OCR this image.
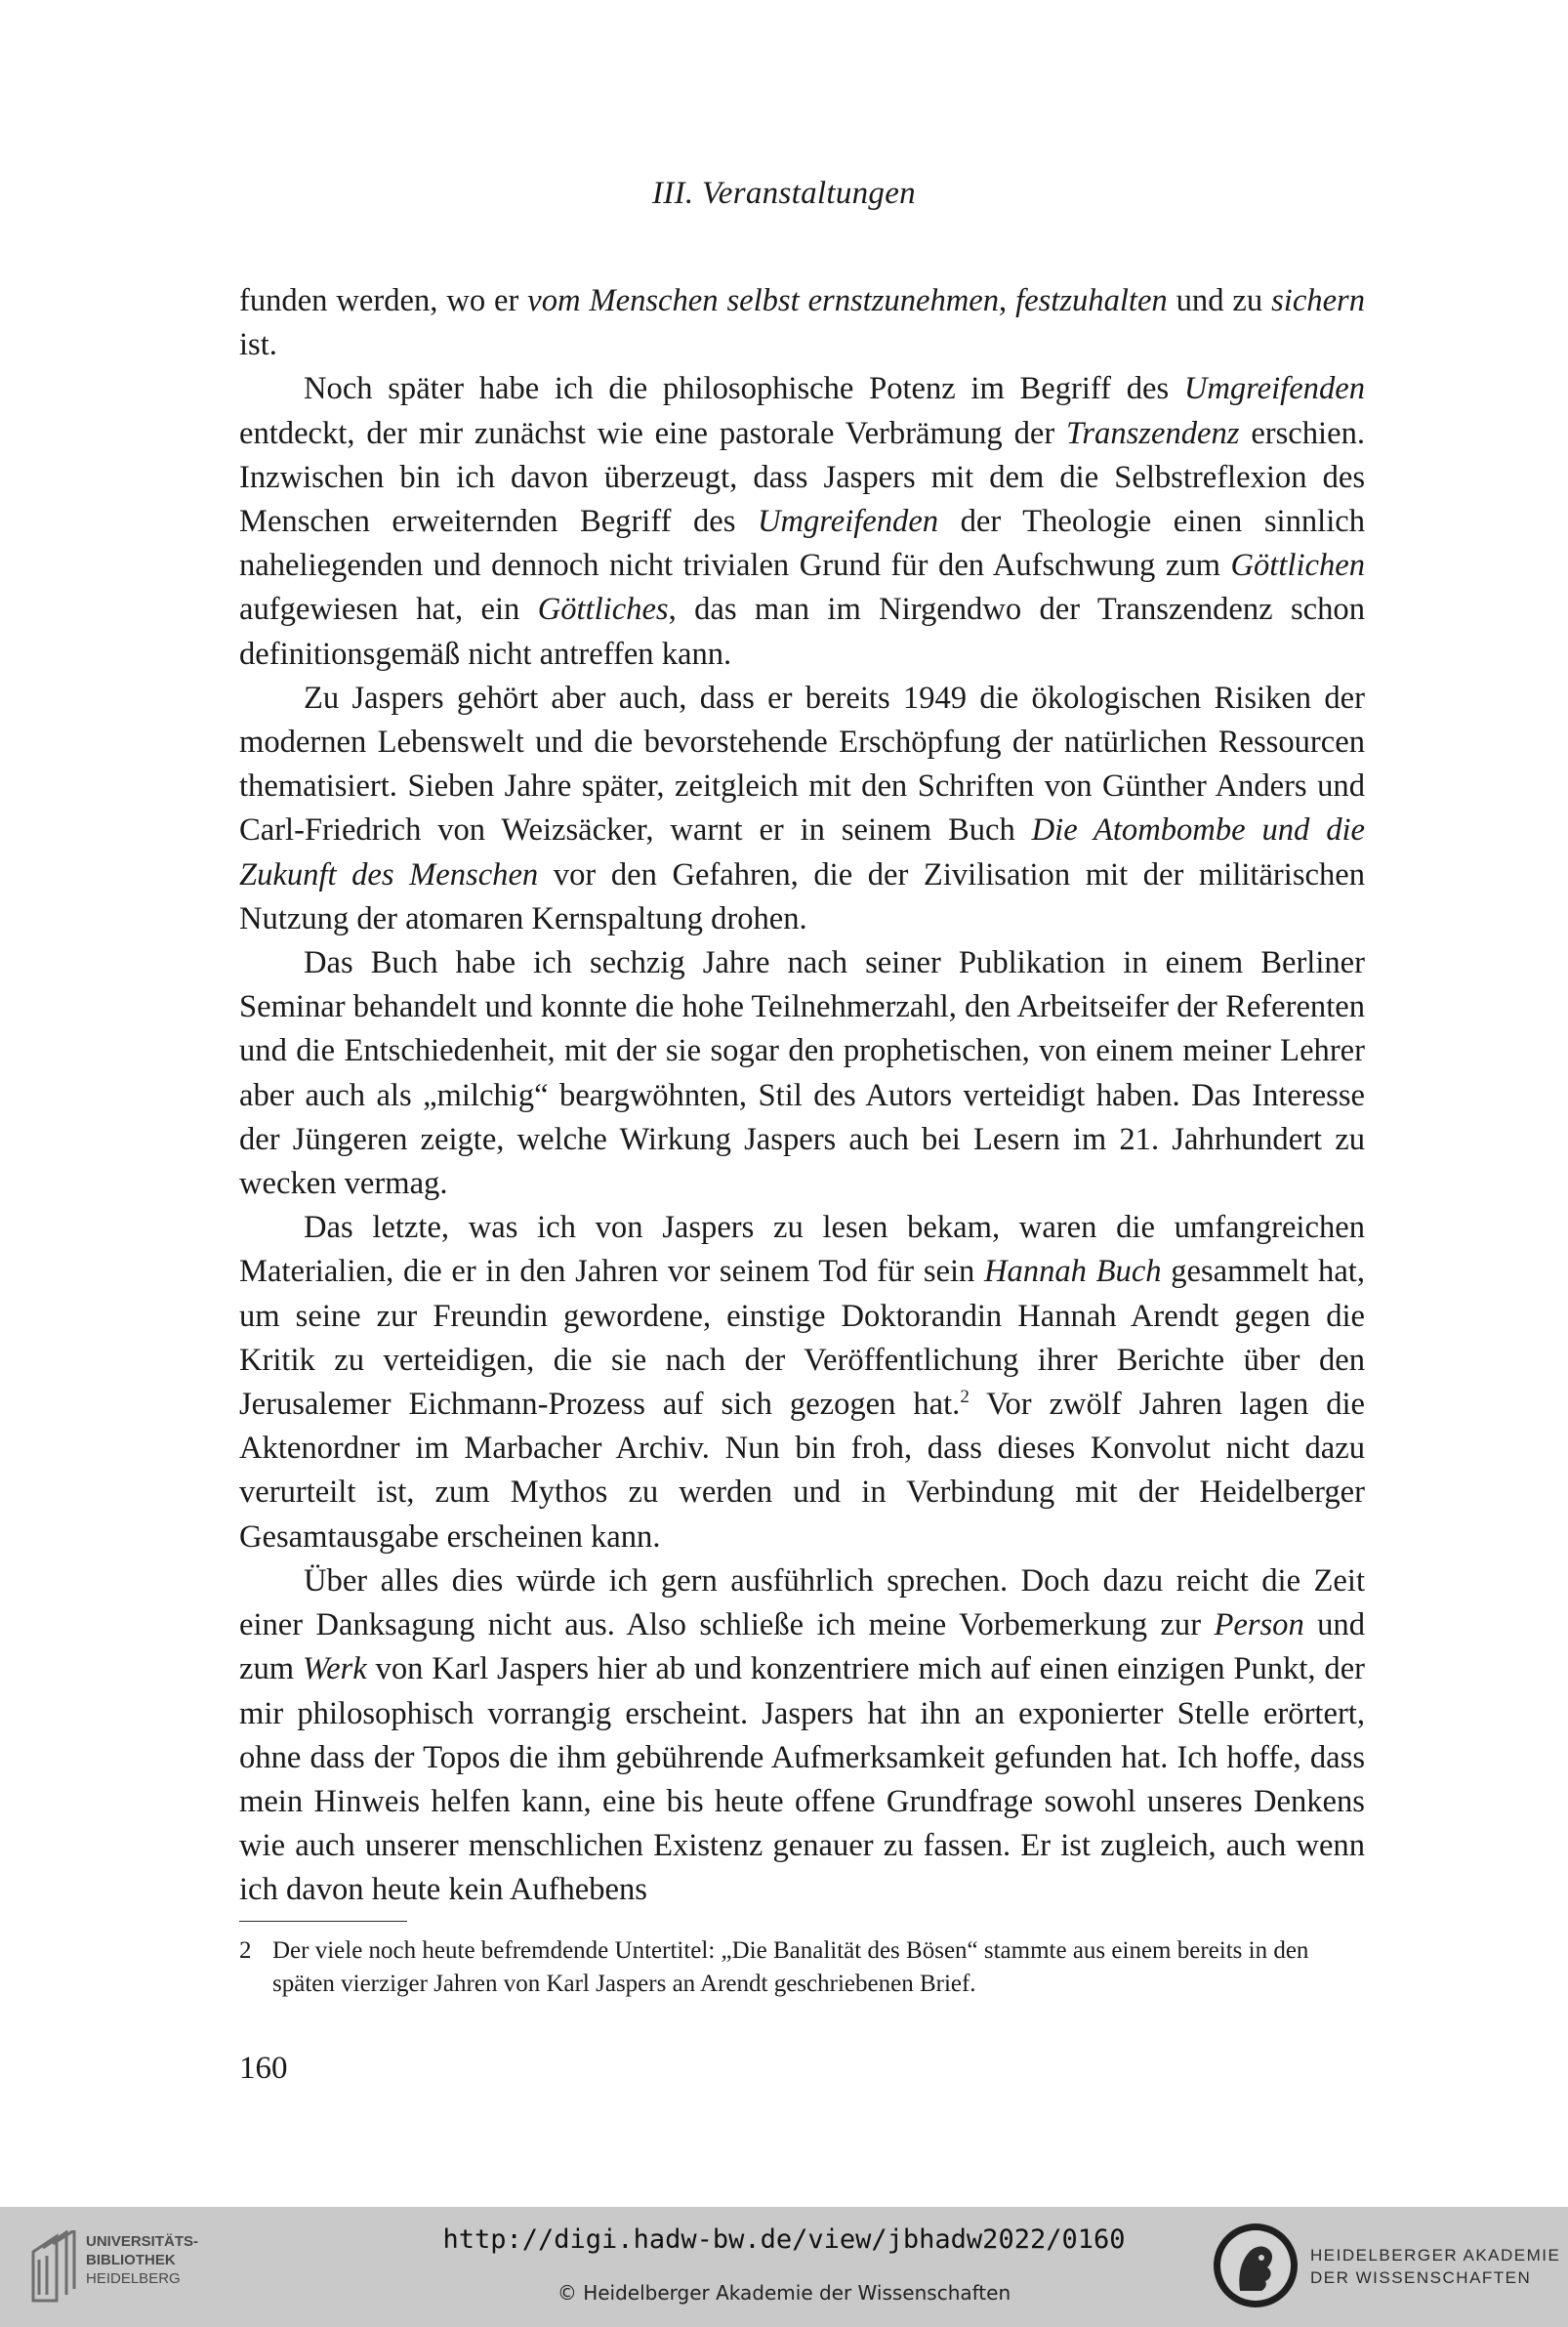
III. Veranstaltungen

funden werden, wo er vom Menschen selbst ernstzunehmen, festzuhalten und zu sichern ist.

Noch später habe ich die philosophische Potenz im Begriff des Umgreifenden entdeckt, der mir zunächst wie eine pastorale Verbrämung der Transzendenz erschien. Inzwischen bin ich davon überzeugt, dass Jaspers mit dem die Selbstreflexion des Menschen erweiternden Begriff des Umgreifenden der Theologie einen sinnlich naheliegenden und dennoch nicht trivialen Grund für den Aufschwung zum Göttlichen aufgewiesen hat, ein Göttliches, das man im Nirgendwo der Transzendenz schon definitionsgemäß nicht antreffen kann.

Zu Jaspers gehört aber auch, dass er bereits 1949 die ökologischen Risiken der modernen Lebenswelt und die bevorstehende Erschöpfung der natürlichen Ressourcen thematisiert. Sieben Jahre später, zeitgleich mit den Schriften von Günther Anders und Carl-Friedrich von Weizsäcker, warnt er in seinem Buch Die Atombombe und die Zukunft des Menschen vor den Gefahren, die der Zivilisation mit der militärischen Nutzung der atomaren Kernspaltung drohen.

Das Buch habe ich sechzig Jahre nach seiner Publikation in einem Berliner Seminar behandelt und konnte die hohe Teilnehmerzahl, den Arbeitseifer der Referenten und die Entschiedenheit, mit der sie sogar den prophetischen, von einem meiner Lehrer aber auch als „milchig“ beargwöhnten, Stil des Autors verteidigt haben. Das Interesse der Jüngeren zeigte, welche Wirkung Jaspers auch bei Lesern im 21. Jahrhundert zu wecken vermag.

Das letzte, was ich von Jaspers zu lesen bekam, waren die umfangreichen Materialien, die er in den Jahren vor seinem Tod für sein Hannah Buch gesammelt hat, um seine zur Freundin gewordene, einstige Doktorandin Hannah Arendt gegen die Kritik zu verteidigen, die sie nach der Veröffentlichung ihrer Berichte über den Jerusalemer Eichmann-Prozess auf sich gezogen hat.$^2$ Vor zwölf Jahren lagen die Aktenordner im Marbacher Archiv. Nun bin froh, dass dieses Konvolut nicht dazu verurteilt ist, zum Mythos zu werden und in Verbindung mit der Heidelberger Gesamtausgabe erscheinen kann.

Über alles dies würde ich gern ausführlich sprechen. Doch dazu reicht die Zeit einer Danksagung nicht aus. Also schließe ich meine Vorbemerkung zur Person und zum Werk von Karl Jaspers hier ab und konzentriere mich auf einen einzigen Punkt, der mir philosophisch vorrangig erscheint. Jaspers hat ihn an exponierter Stelle erörtert, ohne dass der Topos die ihm gebührende Aufmerksamkeit gefunden hat. Ich hoffe, dass mein Hinweis helfen kann, eine bis heute offene Grundfrage sowohl unseres Denkens wie auch unserer menschlichen Existenz genauer zu fassen. Er ist zugleich, auch wenn ich davon heute kein Aufhebens

2 Der viele noch heute befremdende Untertitel: „Die Banalität des Bösen“ stammte aus einem bereits in den späten vierziger Jahren von Karl Jaspers an Arendt geschriebenen Brief.
160
UNIVERSITÄTS-
BIBLIOTHEK
HEIDELBERG
http://digi.hadw-bw.de/view/jbhadw2022/0160
© Heidelberger Akademie der Wissenschaften
HEIDELBERGER AKADEMIE
DER WISSENSCHAFTEN
